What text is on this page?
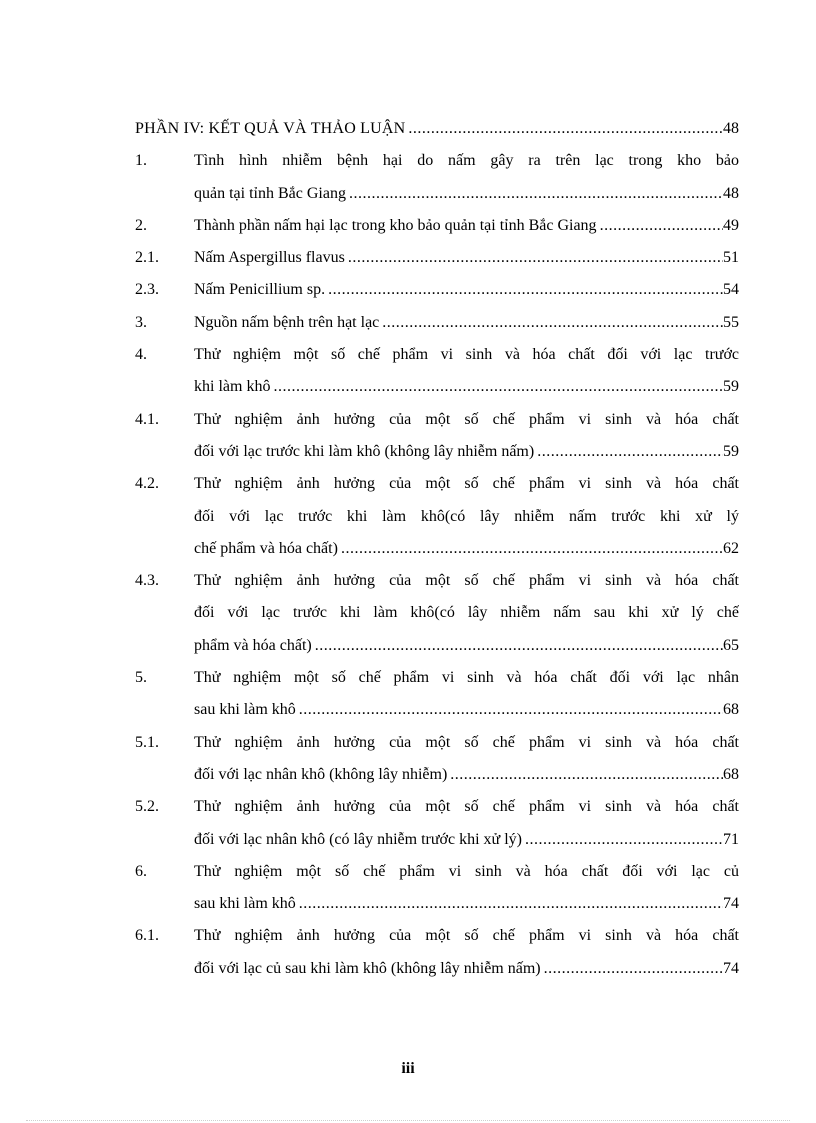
PHẦN IV: KẾT QUẢ VÀ THẢO LUẬN .....	48
1.	Tình hình nhiễm bệnh hại do nấm gây ra trên lạc trong kho bảo
quản tại tỉnh Bắc Giang .....	48
2.	Thành phần nấm hại lạc trong kho bảo quản tại tỉnh Bắc Giang .....	49
2.1.	Nấm Aspergillus flavus .....	51
2.3.	Nấm Penicillium sp. .....	54
3.	Nguồn nấm bệnh trên hạt lạc .....	55
4.	Thử nghiệm một số chế phẩm vi sinh và hóa chất đối với lạc trước
khi làm khô .....	59
4.1.	Thử nghiệm ảnh hưởng của một số chế phẩm vi sinh và hóa chất
đối với lạc trước khi làm khô (không lây nhiễm nấm) .....	59
4.2.	Thử nghiệm ảnh hưởng của một số chế phẩm vi sinh và hóa chất
đối với lạc trước khi làm khô(có lây nhiễm nấm trước khi xử lý
chế phẩm và hóa chất) .....	62
4.3.	Thử nghiệm ảnh hưởng của một số chế phẩm vi sinh và hóa chất
đối với lạc trước khi làm khô(có lây nhiễm nấm sau khi xử lý chế
phẩm và hóa chất) .....	65
5.	Thử nghiệm một số chế phẩm vi sinh và hóa chất đối với lạc nhân
sau khi làm khô .....	68
5.1.	Thử nghiệm ảnh hưởng của một số chế phẩm vi sinh và hóa chất
đối với lạc nhân khô (không lây nhiễm) .....	68
5.2.	Thử nghiệm ảnh hưởng của một số chế phẩm vi sinh và hóa chất
đối với lạc nhân khô (có lây nhiễm trước khi xử lý) .....	71
6.	Thử nghiệm một số chế phẩm vi sinh và hóa chất đối với lạc củ
sau khi làm khô .....	74
6.1.	Thử nghiệm ảnh hưởng của một số chế phẩm vi sinh và hóa chất
đối với lạc củ sau khi làm khô (không lây nhiễm nấm) .....	74
iii
